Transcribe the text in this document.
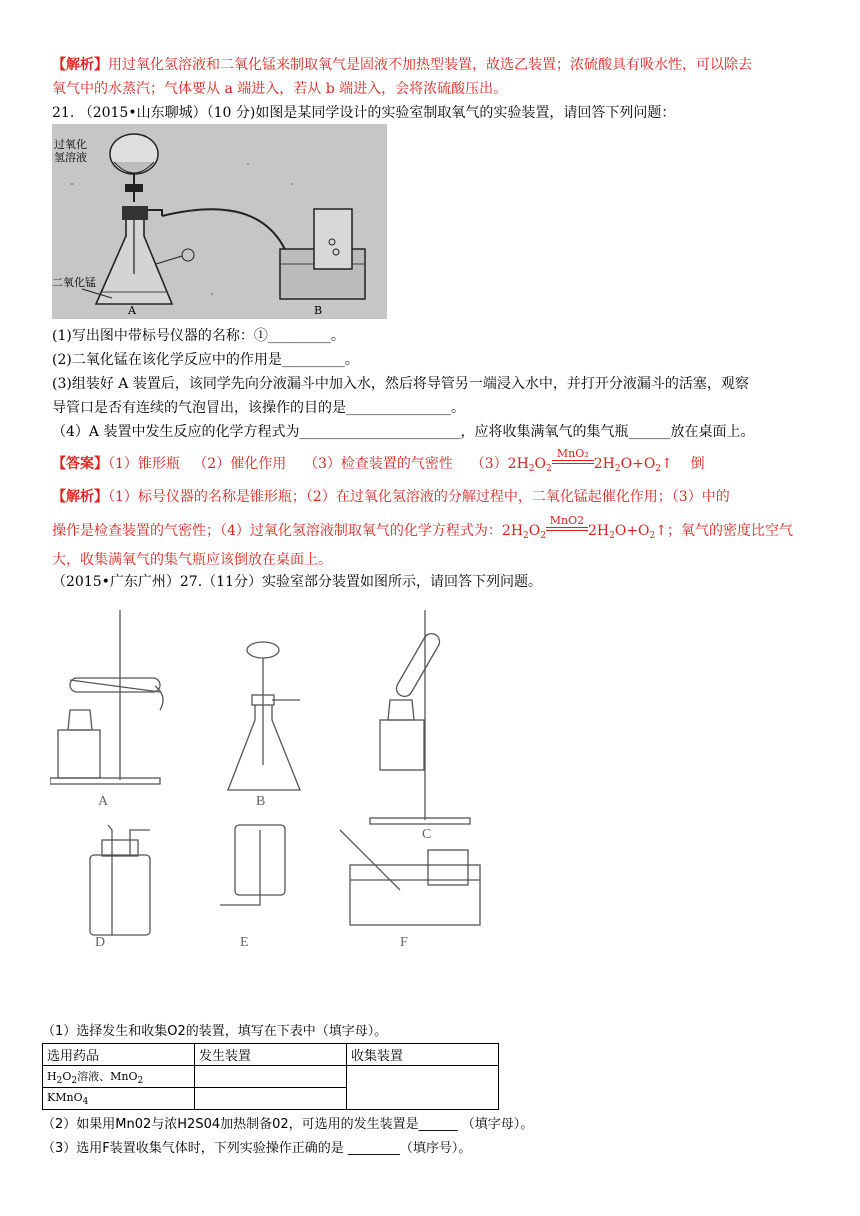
【解析】用过氧化氢溶液和二氧化锰来制取氧气是固液不加热型装置，故选乙装置；浓硫酸具有吸水性，可以除去
氧气中的水蒸汽；气体要从 a 端进入，若从 b 端进入，会将浓硫酸压出。
21. （2015•山东聊城）（10 分)如图是某同学设计的实验室制取氧气的实验装置，请回答下列问题：
过氧化氢溶液
二氧化锰
A	B
(1)写出图中带标号仪器的名称：①_________。
(2)二氧化锰在该化学反应中的作用是_________。
(3)组装好 A 装置后，该同学先向分液漏斗中加入水，然后将导管另一端浸入水中，并打开分液漏斗的活塞，观察
导管口是否有连续的气泡冒出，该操作的目的是_______________。
（4）A 装置中发生反应的化学方程式为_______________________，应将收集满氧气的集气瓶______放在桌面上。
【答案】（1）锥形瓶 （2）催化作用 （3）检查装置的气密性 $(3)2H_2O_2$
MnO₂
$2H_2O+O_2↑$ 倒
【解析】（1）标号仪器的名称是锥形瓶；（2）在过氧化氢溶液的分解过程中，二氧化锰起催化作用；（3）中的
操作是检查装置的气密性；（4）过氧化氢溶液制取氧气的化学方程式为：$2H_2O_2$
MnO2
$2H_2O+O_2↑$；氧气的密度比空气
大，收集满氧气的集气瓶应该倒放在桌面上。
（2015•广东广州）27.（11分）实验室部分装置如图所示，请回答下列问题。
A	B
C
D	E	F
（1）选择发生和收集O2的装置，填写在下表中（填字母）。
选用药品	发生装置	收集装置
$H_2O_2$溶液、MnO$_2$		
KMnO$_4$	
（2）如果用Mn02与浓H2S04加热制备02，可选用的发生装置是______ （填字母）。
（3）选用F装置收集气体时，下列实验操作正确的是 ________（填序号）。
